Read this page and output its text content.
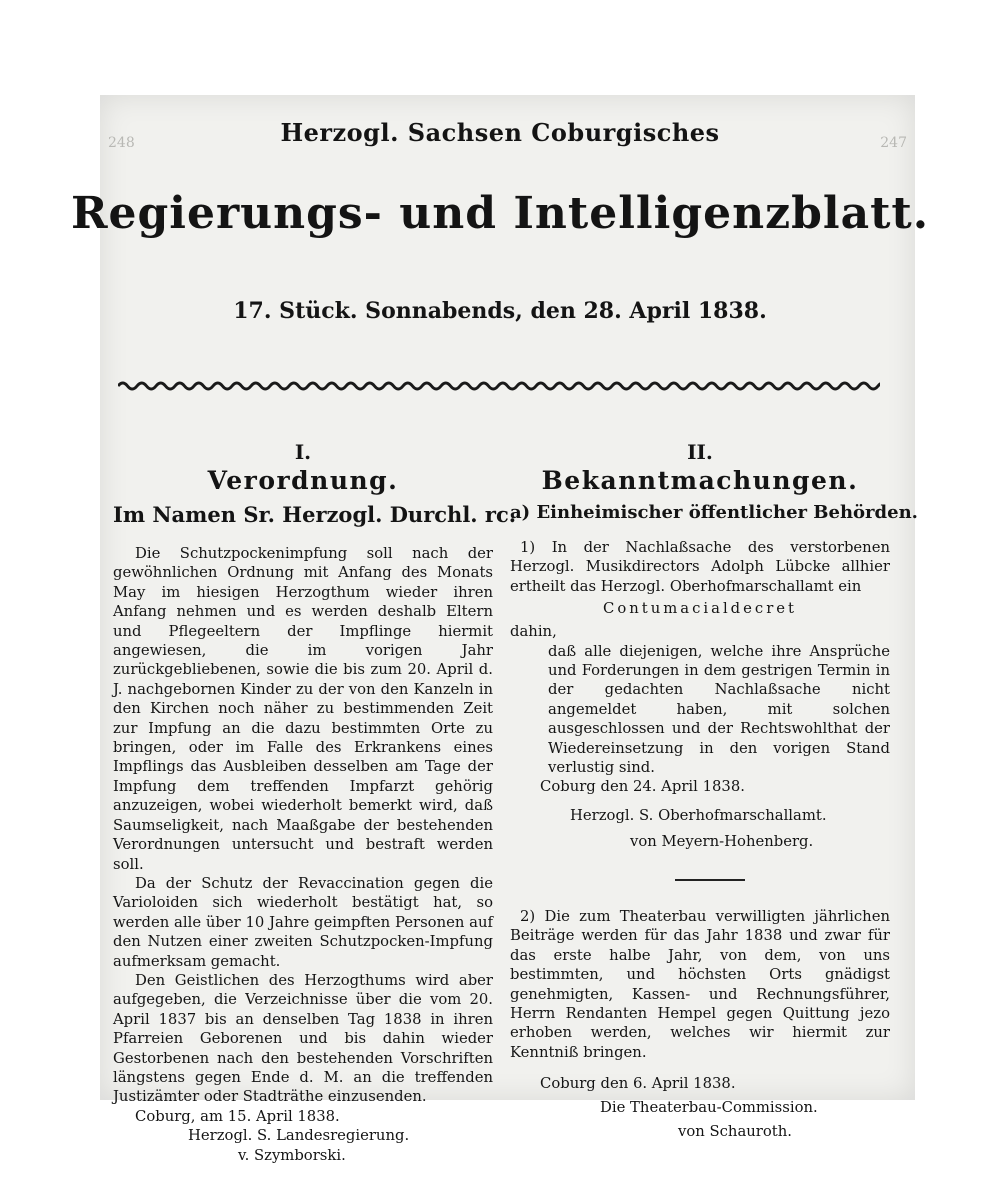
248	247
Herzogl. Sachsen Coburgisches
Regierungs- und Intelligenzblatt.
17. Stück. Sonnabends, den 28. April 1838.
I.
Verordnung.
Im Namen Sr. Herzogl. Durchl. rc.

Die Schutzpockenimpfung soll nach der gewöhnlichen Ordnung mit Anfang des Monats May im hiesigen Herzogthum wieder ihren Anfang nehmen und es werden deshalb Eltern und Pflegeeltern der Impflinge hiermit angewiesen, die im vorigen Jahr zurückgebliebenen, sowie die bis zum 20. April d. J. nachgebornen Kinder zu der von den Kanzeln in den Kirchen noch näher zu bestimmenden Zeit zur Impfung an die dazu bestimmten Orte zu bringen, oder im Falle des Erkrankens eines Impflings das Ausbleiben desselben am Tage der Impfung dem treffenden Impfarzt gehörig anzuzeigen, wobei wiederholt bemerkt wird, daß Saumseligkeit, nach Maaßgabe der bestehenden Verordnungen untersucht und bestraft werden soll.

Da der Schutz der Revaccination gegen die Varioloiden sich wiederholt bestätigt hat, so werden alle über 10 Jahre geimpften Personen auf den Nutzen einer zweiten Schutzpocken-Impfung aufmerksam gemacht.

Den Geistlichen des Herzogthums wird aber aufgegeben, die Verzeichnisse über die vom 20. April 1837 bis an denselben Tag 1838 in ihren Pfarreien Geborenen und bis dahin wieder Gestorbenen nach den bestehenden Vorschriften längstens gegen Ende d. M. an die treffenden Justizämter oder Stadträthe einzusenden.

Coburg, am 15. April 1838.

Herzogl. S. Landesregierung.

v. Szymborski.

II.
Bekanntmachungen.
a) Einheimischer öffentlicher Behörden.

1) In der Nachlaßsache des verstorbenen Herzogl. Musikdirectors Adolph Lübcke allhier ertheilt das Herzogl. Oberhofmarschallamt ein

Contumacialdecret

dahin,

daß alle diejenigen, welche ihre Ansprüche und Forderungen in dem gestrigen Termin in der gedachten Nachlaßsache nicht angemeldet haben, mit solchen ausgeschlossen und der Rechtswohlthat der Wiedereinsetzung in den vorigen Stand verlustig sind.

Coburg den 24. April 1838.

Herzogl. S. Oberhofmarschallamt.

von Meyern-Hohenberg.

2) Die zum Theaterbau verwilligten jährlichen Beiträge werden für das Jahr 1838 und zwar für das erste halbe Jahr, von dem, von uns bestimmten, und höchsten Orts gnädigst genehmigten, Kassen- und Rechnungsführer, Herrn Rendanten Hempel gegen Quittung jezo erhoben werden, welches wir hiermit zur Kenntniß bringen.

Coburg den 6. April 1838.

Die Theaterbau-Commission.

von Schauroth.
